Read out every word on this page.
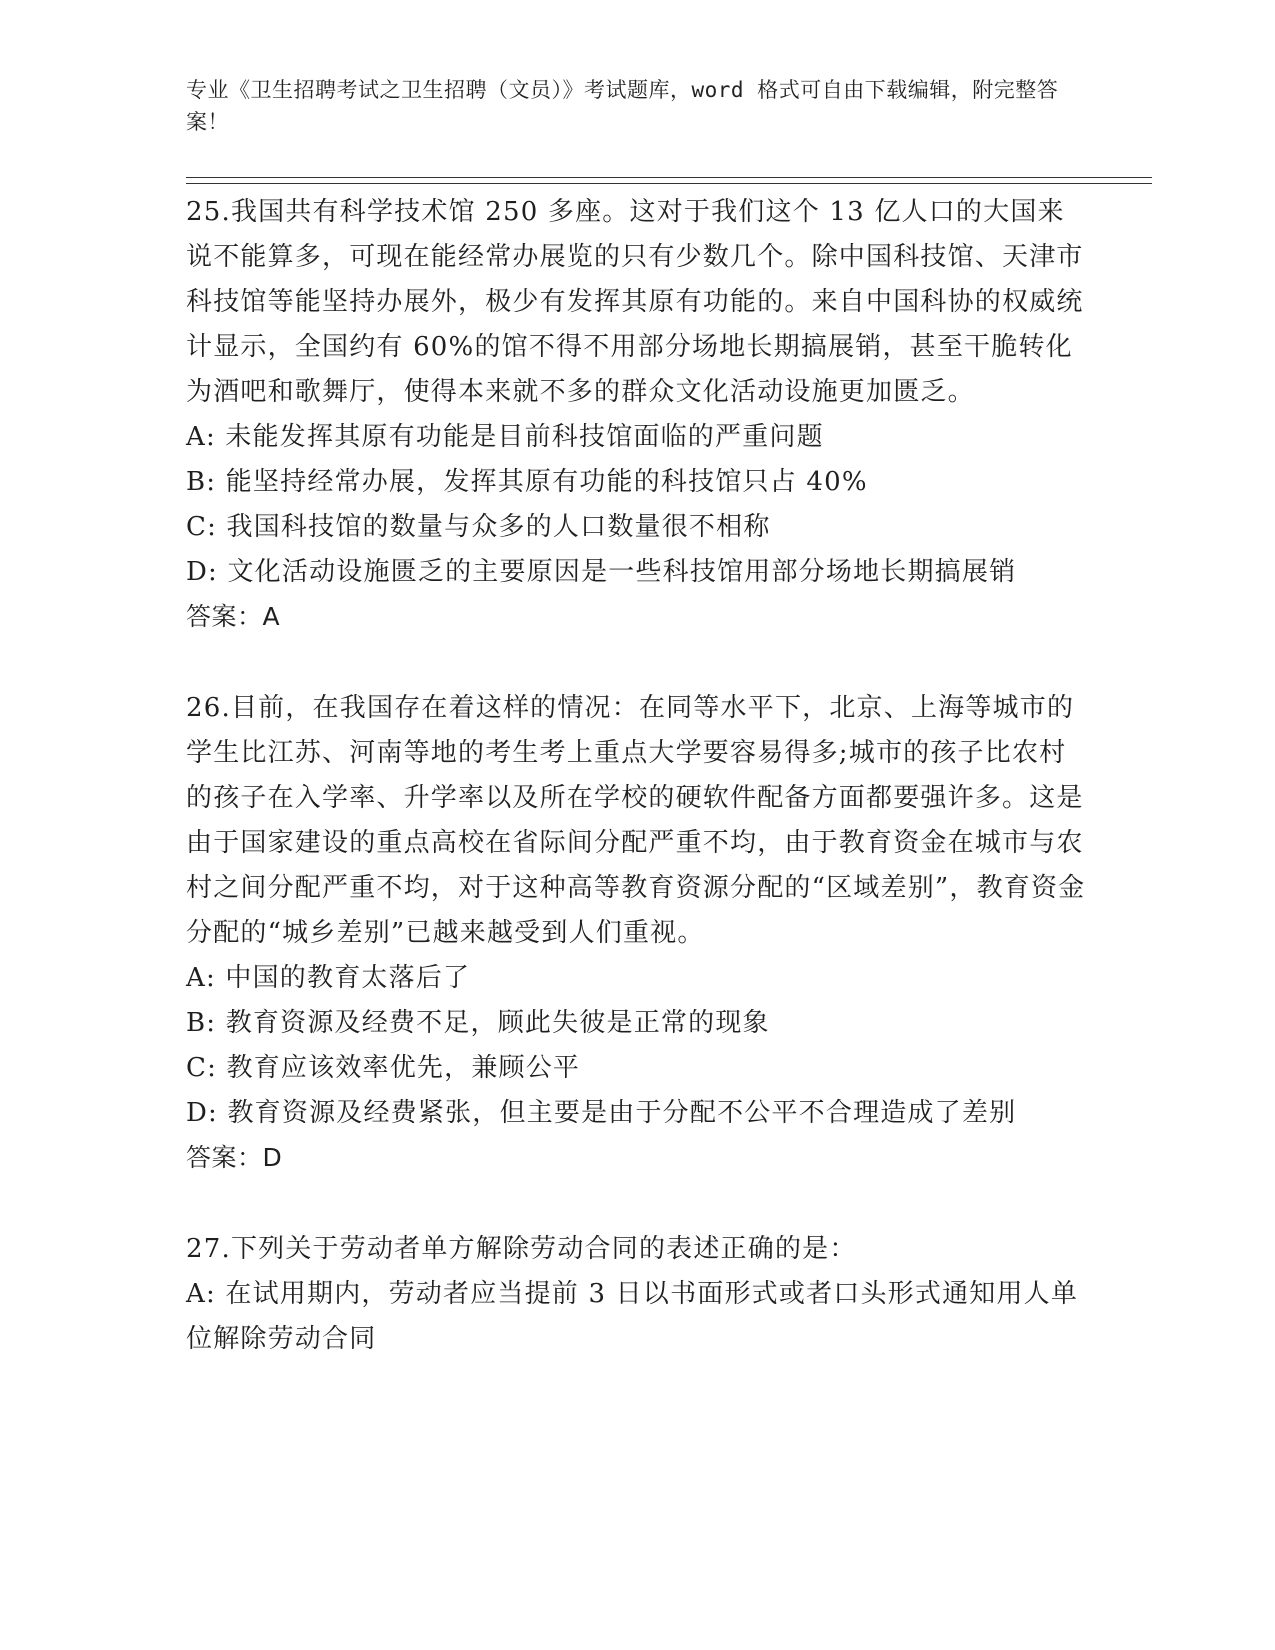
专业《卫生招聘考试之卫生招聘（文员）》考试题库，word 格式可自由下载编辑，附完整答案！

25.我国共有科学技术馆 250 多座。这对于我们这个 13 亿人口的大国来说不能算多，可现在能经常办展览的只有少数几个。除中国科技馆、天津市科技馆等能坚持办展外，极少有发挥其原有功能的。来自中国科协的权威统计显示，全国约有 60%的馆不得不用部分场地长期搞展销，甚至干脆转化为酒吧和歌舞厅，使得本来就不多的群众文化活动设施更加匮乏。

A: 未能发挥其原有功能是目前科技馆面临的严重问题

B: 能坚持经常办展，发挥其原有功能的科技馆只占 40%

C: 我国科技馆的数量与众多的人口数量很不相称

D: 文化活动设施匮乏的主要原因是一些科技馆用部分场地长期搞展销

答案：A

26.目前，在我国存在着这样的情况：在同等水平下，北京、上海等城市的学生比江苏、河南等地的考生考上重点大学要容易得多;城市的孩子比农村的孩子在入学率、升学率以及所在学校的硬软件配备方面都要强许多。这是由于国家建设的重点高校在省际间分配严重不均，由于教育资金在城市与农村之间分配严重不均，对于这种高等教育资源分配的“区域差别”，教育资金分配的“城乡差别”已越来越受到人们重视。

A: 中国的教育太落后了

B: 教育资源及经费不足，顾此失彼是正常的现象

C: 教育应该效率优先，兼顾公平

D: 教育资源及经费紧张，但主要是由于分配不公平不合理造成了差别

答案：D

27.下列关于劳动者单方解除劳动合同的表述正确的是：

A: 在试用期内，劳动者应当提前 3 日以书面形式或者口头形式通知用人单位解除劳动合同
